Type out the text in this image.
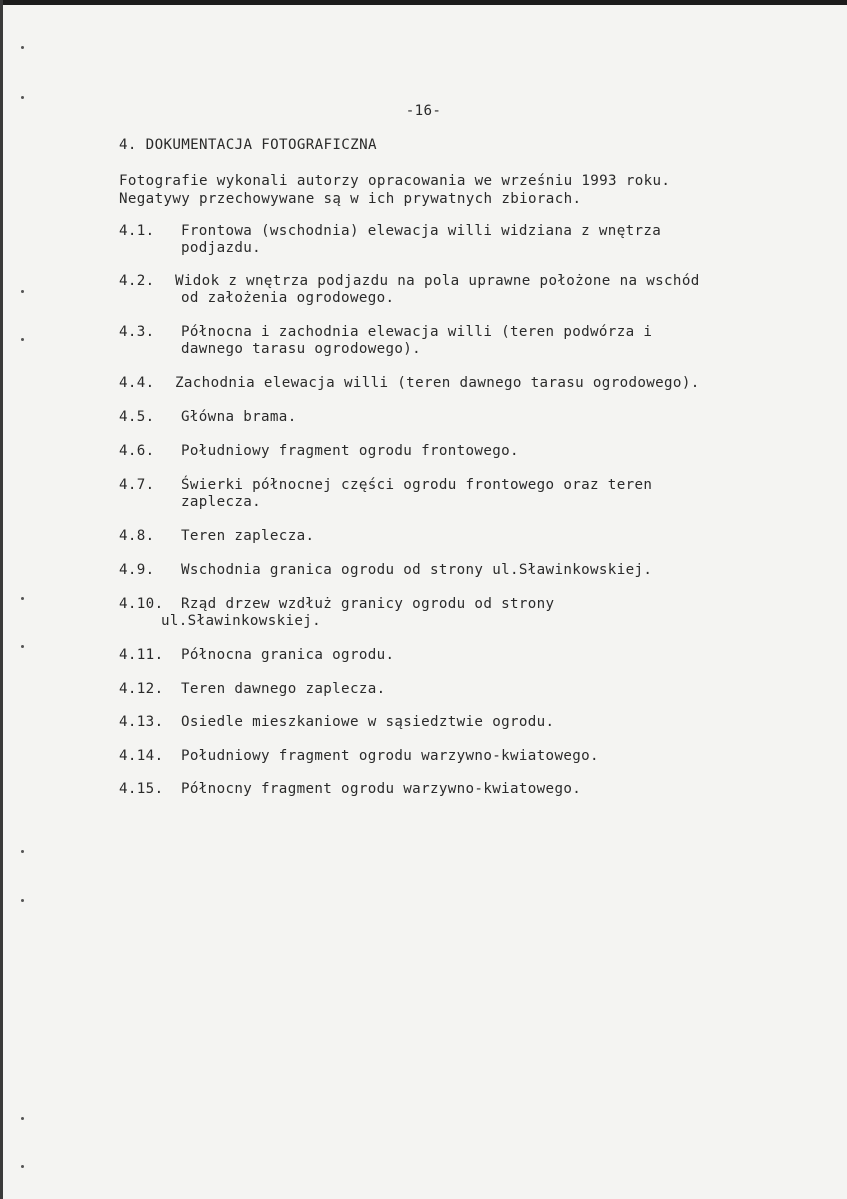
-16-
4. DOKUMENTACJA FOTOGRAFICZNA
Fotografie wykonali autorzy opracowania we wrześniu 1993 roku.
Negatywy przechowywane są w ich prywatnych zbiorach.
4.1. Frontowa (wschodnia) elewacja willi widziana z wnętrza
podjazdu.
4.2. Widok z wnętrza podjazdu na pola uprawne położone na wschód
od założenia ogrodowego.
4.3. Północna i zachodnia elewacja willi (teren podwórza i
dawnego tarasu ogrodowego).
4.4. Zachodnia elewacja willi (teren dawnego tarasu ogrodowego).
4.5. Główna brama.
4.6. Południowy fragment ogrodu frontowego.
4.7. Świerki północnej części ogrodu frontowego oraz teren
zaplecza.
4.8. Teren zaplecza.
4.9. Wschodnia granica ogrodu od strony ul.Sławinkowskiej.
4.10. Rząd drzew wzdłuż granicy ogrodu od strony
ul.Sławinkowskiej.
4.11. Północna granica ogrodu.
4.12. Teren dawnego zaplecza.
4.13. Osiedle mieszkaniowe w sąsiedztwie ogrodu.
4.14. Południowy fragment ogrodu warzywno-kwiatowego.
4.15. Północny fragment ogrodu warzywno-kwiatowego.
